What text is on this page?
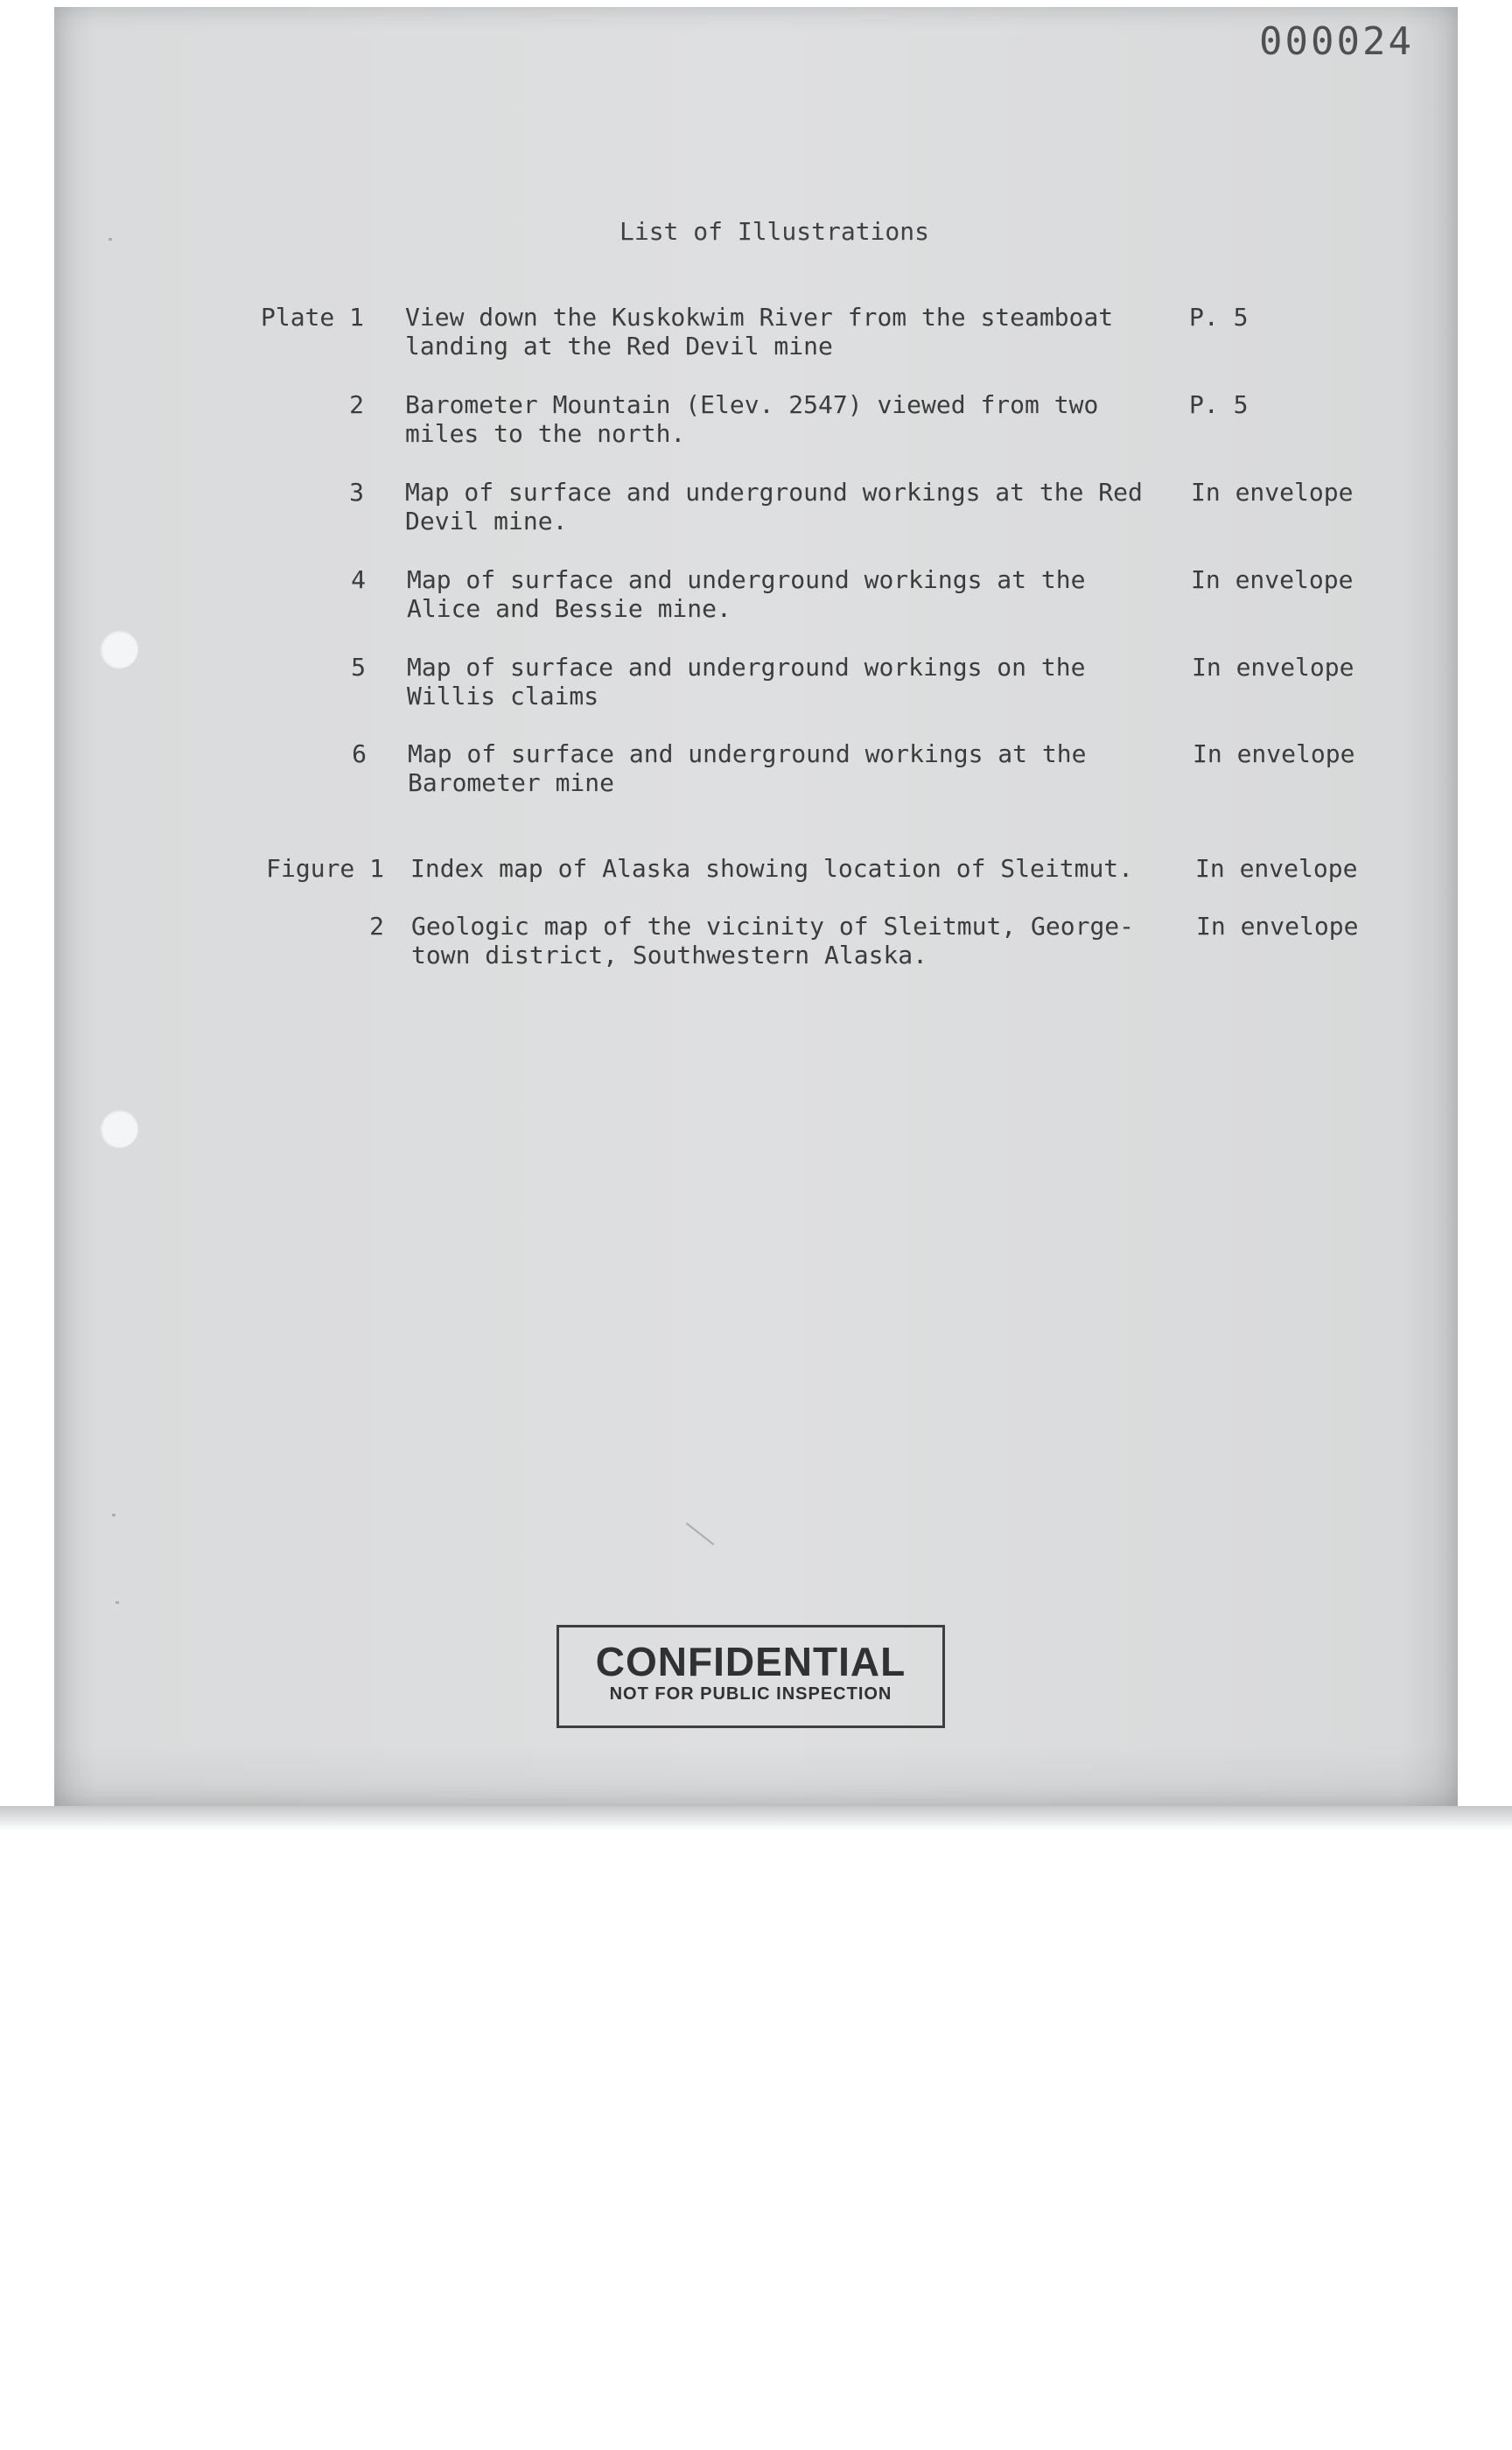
000024
List of Illustrations
Plate 1 View down the Kuskokwim River from the steamboat
landing at the Red Devil mine
P. 5
2 Barometer Mountain (Elev. 2547) viewed from two
miles to the north.
P. 5
3 Map of surface and underground workings at the Red
Devil mine.
In envelope
4 Map of surface and underground workings at the
Alice and Bessie mine.
In envelope
5 Map of surface and underground workings on the
Willis claims
In envelope
6 Map of surface and underground workings at the
Barometer mine
In envelope
Figure 1 Index map of Alaska showing location of Sleitmut.	In envelope
2 Geologic map of the vicinity of Sleitmut, George-
town district, Southwestern Alaska.
In envelope
CONFIDENTIAL
NOT FOR PUBLIC INSPECTION
